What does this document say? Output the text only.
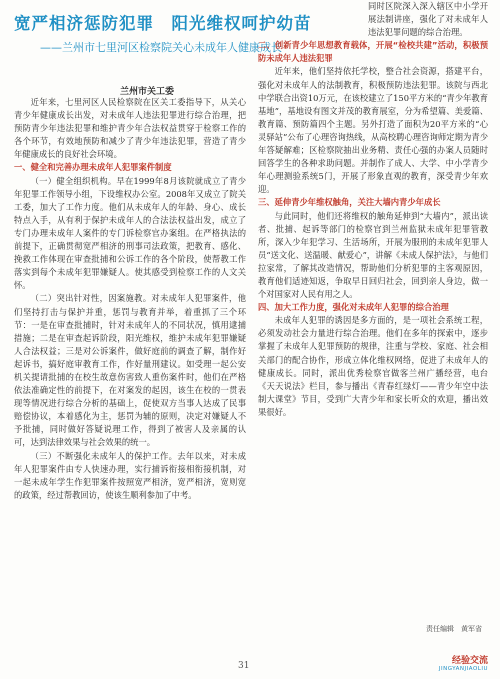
宽严相济惩防犯罪　阳光维权呵护幼苗
——兰州市七里河区检察院关心未成年人健康成长
兰州市关工委

近年来，七里河区人民检察院在区关工委指导下，从关心青少年健康成长出发，对未成年人违法犯罪进行综合治理，把预防青少年违法犯罪和维护青少年合法权益贯穿于检察工作的各个环节，有效地预防和减少了青少年违法犯罪，营造了青少年健康成长的良好社会环境。

一、健全和完善办理未成年人犯罪案件制度

（一）健全组织机构。早在1999年8月该院就成立了青少年犯罪工作领导小组，下设维权办公室。2008年又成立了院关工委，加大了工作力度。他们从未成年人的年龄、身心、成长特点入手，从有利于保护未成年人的合法法权益出发，成立了专门办理未成年人案件的专门诉检察官办案组。在严格执法的前提下，正确贯彻宽严相济的刑事司法政策，把教育、感化、挽救工作体现在审查批捕和公诉工作的各个阶段，使帮教工作落实到每个未成年犯罪嫌疑人。使其感受到检察工作的人文关怀。

（二）突出针对性，因案施教。对未成年人犯罪案件，他们坚持打击与保护并重，惩罚与教育并举，着重抓了三个环节：一是在审查批捕时，针对未成年人的不同状况，慎用逮捕措施；二是在审查起诉阶段，阳光维权，维护未成年犯罪嫌疑人合法权益；三是对公诉案件，做好庭前的调查了解，制作好起诉书，搞好庭审教育工作，作好量刑建议。如受理一起公安机关提请批捕的在校生故意伤害致人重伤案件时，他们在严格依法准确定性的前提下，在对案发的起因，该生在校的一贯表现等情况进行综合分析的基础上，促使双方当事人达成了民事赔偿协议，本着感化为主，惩罚为辅的原则，决定对嫌疑人不予批捕，同时做好答疑说理工作，得到了被害人及亲属的认可，达到法律效果与社会效果的统一。

（三）不断强化未成年人的保护工作。去年以来，对未成年人犯罪案件由专人快速办理，实行捕诉衔接相衔接机制，对一起未成年学生作犯罪案件按照宽严相济，宽严相济，宽则宽的政策，经过帮教回访，使该生顺利参加了中考。

同时区院深入深入辖区中小学开展法制讲座，强化了对未成年人违法犯罪问题的综合治理。

二、创新青少年思想教育载体，开展“检校共建”活动，积极预防未成年人违法犯罪

近年来，他们坚持依托学校，整合社会资源，搭建平台，强化对未成年人的法制教育，积极预防违法犯罪。该院与西北中学联合出资10万元，在该校建立了150平方米的“青少年教育基地”，基地设有图文并茂的教育展室，分为希望篇、美爱篇、教育篇、预防篇四个主题。另外打造了面积为20平方米的“心灵驿站”公布了心理咨询热线，从高校聘心理咨询师定期为青少年答疑解难；区检察院抽出业务精、责任心强的办案人员随时回答学生的各种求助问题。并制作了成人、大学、中小学青少年心理测验系统5门，开展了形象直观的教育，深受青少年欢迎。

三、延伸青少年维权触角，关注大墙内青少年成长

与此同时，他们还将维权的触角延伸到“大墙内”，派出读者、批捕、起诉等部门的检察官到兰州监狱未成年犯罪管教所，深入少年犯学习、生活场所，开展为服刑的未成年犯罪人员“送文化、送温暖、献爱心”，讲解《未成人保护法》，与他们拉家常，了解其改造情况，帮助他们分析犯罪的主客观原因，教育他们适迹知返，争取早日回归社会，回到亲人身边，做一个对国家对人民有用之人。

四、加大工作力度，强化对未成年人犯罪的综合治理

未成年人犯罪的诱因是多方面的，是一项社会系统工程，必须发动社会力量进行综合治理。他们在多年的探索中，逐步掌握了未成年人犯罪预防的规律，注重与学校、家庭、社会相关部门的配合协作，形成立体化维权网络，促进了未成年人的健康成长。同时，派出优秀检察官做客兰州广播经营，电台《天天说法》栏目，参与播出《青春红绿灯——青少年空中法制大课堂》节目，受到广大青少年和家长听众的欢迎，播出效果很好。

责任编辑　黄军省
31	经验交流
JINGYANJIAOLIU
